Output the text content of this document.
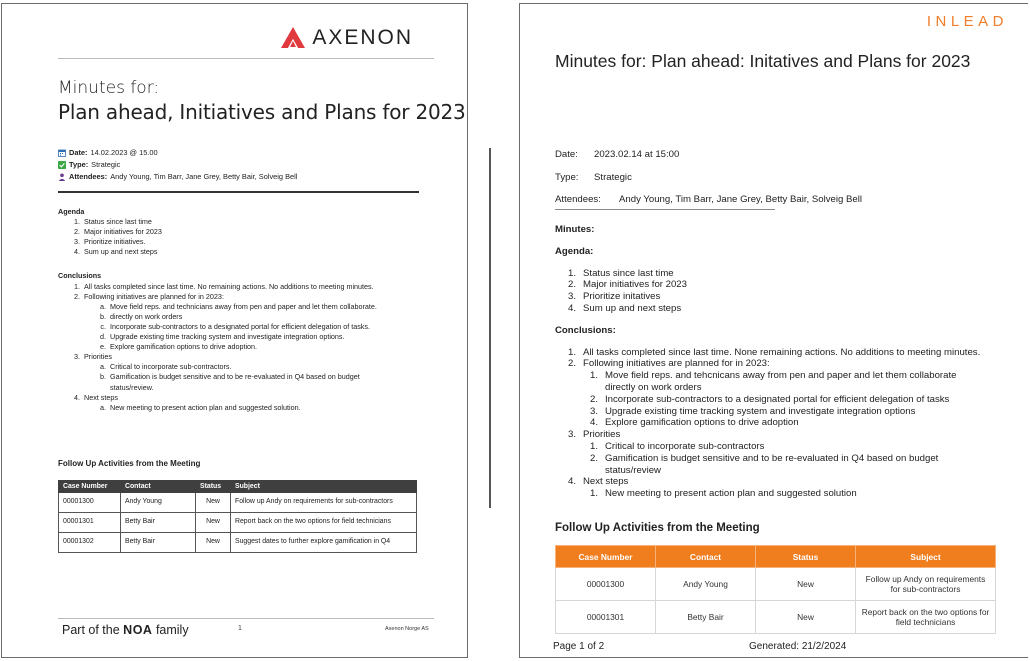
AXENON
Minutes for:
Plan ahead, Initiatives and Plans for 2023
Date: 14.02.2023 @ 15.00
Type: Strategic
Attendees: Andy Young, Tim Barr, Jane Grey, Betty Bair, Solveig Bell
Agenda
1. Status since last time
2. Major initiatives for 2023
3. Prioritize initiatives.
4. Sum up and next steps
Conclusions
1. All tasks completed since last time. No remaining actions. No additions to meeting minutes.
2. Following initiatives are planned for in 2023:
a. Move field reps. and technicians away from pen and paper and let them collaborate.
b. directly on work orders
c. Incorporate sub-contractors to a designated portal for efficient delegation of tasks.
d. Upgrade existing time tracking system and investigate integration options.
e. Explore gamification options to drive adoption.
3. Priorities
a. Critical to incorporate sub-contractors.
b. Gamification is budget sensitive and to be re-evaluated in Q4 based on budget
status/review.
4. Next steps
a. New meeting to present action plan and suggested solution.
Follow Up Activities from the Meeting
Case Number	Contact	Status	Subject
00001300	Andy Young	New	Follow up Andy on requirements for sub-contractors
00001301	Betty Bair	New	Report back on the two options for field technicians
00001302	Betty Bair	New	Suggest dates to further explore gamification in Q4
Part of the NOA family	1	Axenon Norge AS
INLEAD
Minutes for: Plan ahead: Initatives and Plans for 2023
Date: 2023.02.14 at 15:00
Type: Strategic
Attendees: Andy Young, Tim Barr, Jane Grey, Betty Bair, Solveig Bell
Minutes:
Agenda:
1. Status since last time
2. Major initiatives for 2023
3. Prioritize initatives
4. Sum up and next steps
Conclusions:
1. All tasks completed since last time. None remaining actions. No additions to meeting minutes.
2. Following initiatives are planned for in 2023:
1. Move field reps. and tehcnicans away from pen and paper and let them collaborate
directly on work orders
2. Incorporate sub-contractors to a designated portal for efficient delegation of tasks
3. Upgrade existing time tracking system and investigate integration options
4. Explore gamification options to drive adoption
3. Priorities
1. Critical to incorporate sub-contractors
2. Gamification is budget sensitive and to be re-evaluated in Q4 based on budget
status/review
4. Next steps
1. New meeting to present action plan and suggested solution
Follow Up Activities from the Meeting
Case Number	Contact	Status	Subject
00001300	Andy Young	New	Follow up Andy on requirements for sub-contractors
00001301	Betty Bair	New	Report back on the two options for field technicians
Page 1 of 2	Generated: 21/2/2024
